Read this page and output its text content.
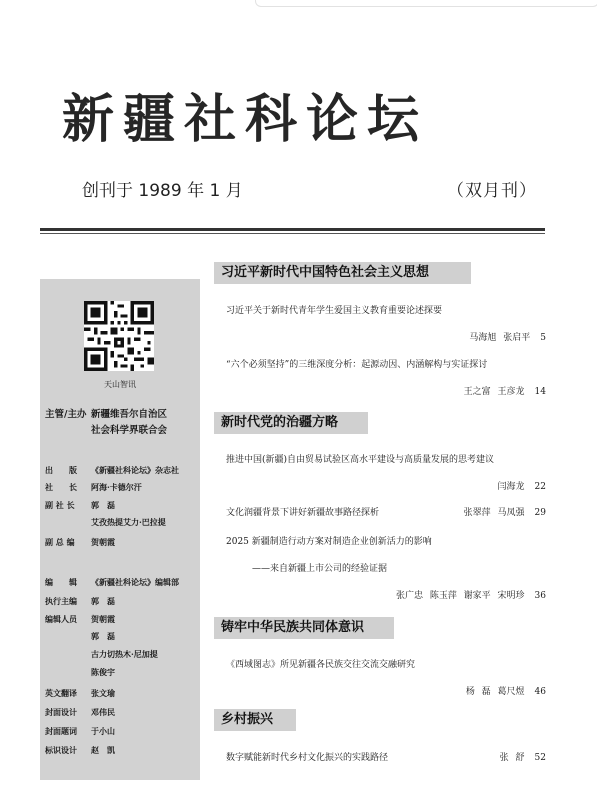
新疆社科论坛
创刊于 1989 年 1 月	（双月刊）
天山智讯
主管/主办 新疆维吾尔自治区
社会科学界联合会
出　　版 《新疆社科论坛》杂志社
社　　长 阿海·卡德尔汗
副 社 长 郭　磊
艾孜热提艾力·巴拉提
副 总 编 贺朝霞
编　　辑 《新疆社科论坛》编辑部
执行主编 郭　磊
编辑人员 贺朝霞
郭　磊
古力切热木·尼加提
陈俊宇
英文翻译 张文瑜
封面设计 邓伟民
封面题词 于小山
标识设计 赵　凯
习近平新时代中国特色社会主义思想
习近平关于新时代青年学生爱国主义教育重要论述探要
马海旭 张启平 5
“六个必须坚持”的三维深度分析：起源动因、内涵解构与实证探讨
王之富 王彦龙 14
新时代党的治疆方略
推进中国(新疆)自由贸易试验区高水平建设与高质量发展的思考建议
闫海龙 22
文化润疆背景下讲好新疆故事路径探析	张翠萍 马凤强 29
2025 新疆制造行动方案对制造企业创新活力的影响
——来自新疆上市公司的经验证据
张广忠 陈玉萍 谢家平 宋明珍 36
铸牢中华民族共同体意识
《西域图志》所见新疆各民族交往交流交融研究
杨 磊 葛尺煜 46
乡村振兴
数字赋能新时代乡村文化振兴的实践路径	张 舒 52
